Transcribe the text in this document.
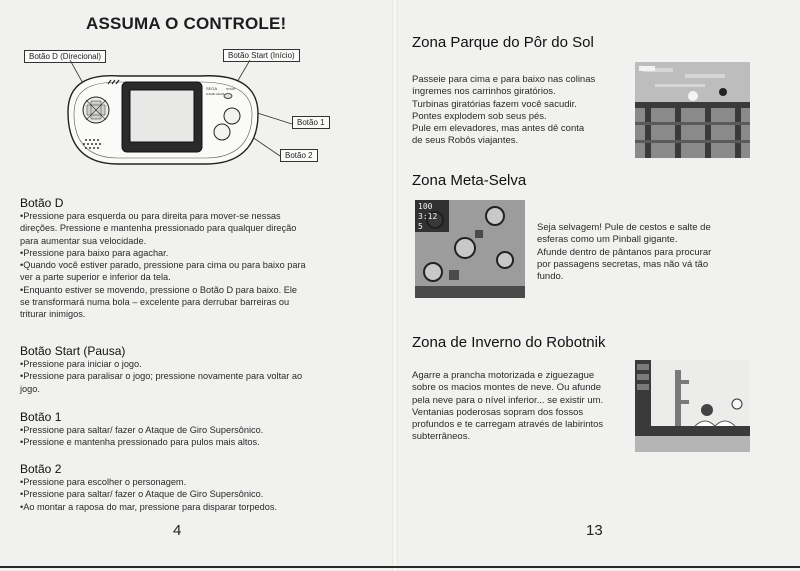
ASSUMA O CONTROLE!
Botão D (Direcional)	Botão Start (Início)
Botão 1
Botão 2
SEGA
GAME GEAR
START
Botão D
•Pressione para esquerda ou para direita para mover-se nessas
direções. Pressione e mantenha pressionado para qualquer direção
para aumentar sua velocidade.
•Pressione para baixo para agachar.
•Quando você estiver parado, pressione para cima ou para baixo para
ver a parte superior e inferior da tela.
•Enquanto estiver se movendo, pressione o Botão D para baixo. Ele
se transformará numa bola – excelente para derrubar barreiras ou
triturar inimigos.
Botão Start (Pausa)
•Pressione para iniciar o jogo.
•Pressione para paralisar o jogo; pressione novamente para voltar ao
jogo.
Botão 1
•Pressione para saltar/ fazer o Ataque de Giro Supersônico.
•Pressione e mantenha pressionado para pulos mais altos.
Botão 2
•Pressione para escolher o personagem.
•Pressione para saltar/ fazer o Ataque de Giro Supersônico.
•Ao montar a raposa do mar, pressione para disparar torpedos.
4
Zona Parque do Pôr do Sol
Passeie para cima e para baixo nas colinas
íngremes nos carrinhos giratórios.
Turbinas giratórias fazem você sacudir.
Pontes explodem sob seus pés.
Pule em elevadores, mas antes dê conta
de seus Robôs viajantes.
Zona Meta-Selva
100
3:12
5	Seja selvagem! Pule de cestos e salte de
esferas como um Pinball gigante.
Afunde dentro de pântanos para procurar
por passagens secretas, mas não vá tão
fundo.
Zona de Inverno do Robotnik
Agarre a prancha motorizada e ziguezague
sobre os macios montes de neve. Ou afunde
pela neve para o nível inferior... se existir um.
Ventanias poderosas sopram dos fossos
profundos e te carregam através de labirintos
subterrâneos.
13
